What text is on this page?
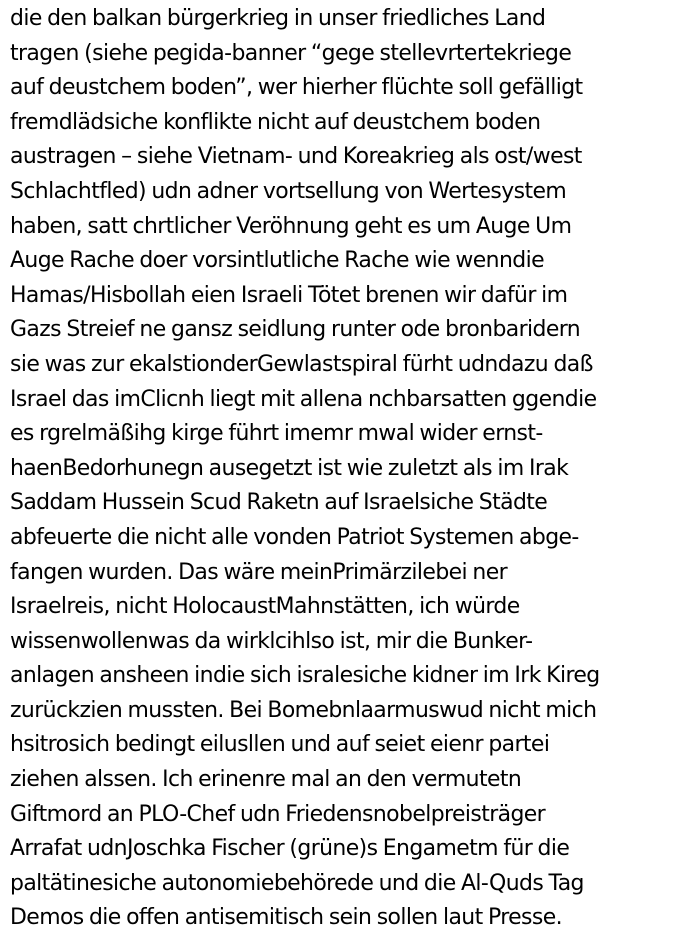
die den balkan bürgerkrieg in unser friedliches Land
tragen (siehe pegida-banner “gege stellevrtertekriege
auf deustchem boden”, wer hierher flüchte soll gefälligt
fremdlädsiche konflikte nicht auf deustchem boden
austragen – siehe Vietnam- und Koreakrieg als ost/west
Schlachtfled) udn adner vortsellung von Wertesystem
haben, satt chrtlicher Veröhnung geht es um Auge Um
Auge Rache doer vorsintlutliche Rache wie wenndie
Hamas/Hisbollah eien Israeli Tötet brenen wir dafür im
Gazs Streief ne gansz seidlung runter ode bronbaridern
sie was zur ekalstionderGewlastspiral fürht udndazu daß
Israel das imClicnh liegt mit allena nchbarsatten ggendie
es rgrelmäßihg kirge führt imemr mwal wider ernst-
haenBedorhunegn ausegetzt ist wie zuletzt als im Irak
Saddam Hussein Scud Raketn auf Israelsiche Städte
abfeuerte die nicht alle vonden Patriot Systemen abge-
fangen wurden. Das wäre meinPrimärzilebei ner
Israelreis, nicht HolocaustMahnstätten, ich würde
wissenwollenwas da wirklcihlso ist, mir die Bunker-
anlagen ansheen indie sich isralesiche kidner im Irk Kireg
zurückzien mussten. Bei Bomebnlaarmuswud nicht mich
hsitrosich bedingt eilusllen und auf seiet eienr partei
ziehen alssen. Ich erinenre mal an den vermutetn
Giftmord an PLO-Chef udn Friedensnobelpreisträger
Arrafat udnJoschka Fischer (grüne)s Engametm für die
paltätinesiche autonomiebehörede und die Al-Quds Tag
Demos die offen antisemitisch sein sollen laut Presse.
